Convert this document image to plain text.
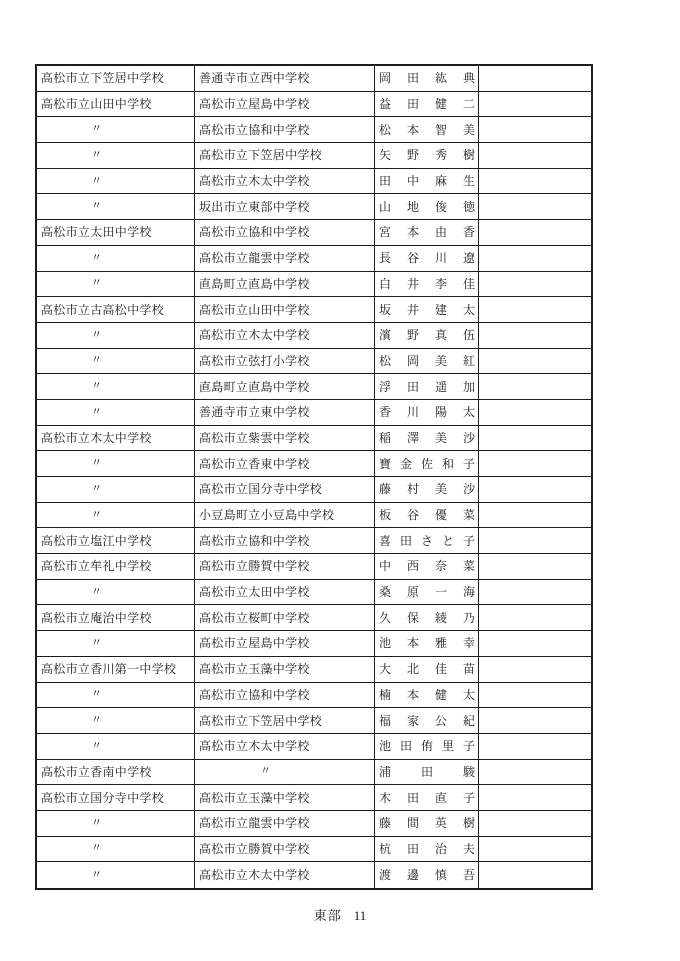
高松市立下笠居中学校	善通寺市立西中学校	岡 田 紘 典
高松市立山田中学校	高松市立屋島中学校	益 田 健 二
〃	高松市立協和中学校	松 本 智 美
〃	高松市立下笠居中学校	矢 野 秀 樹
〃	高松市立木太中学校	田 中 麻 生
〃	坂出市立東部中学校	山 地 俊 徳
高松市立太田中学校	高松市立協和中学校	宮 本 由 香
〃	高松市立龍雲中学校	長 谷 川 遼
〃	直島町立直島中学校	白 井 李 佳
高松市立古高松中学校	高松市立山田中学校	坂 井 建 太
〃	高松市立木太中学校	濱 野 真 伍
〃	高松市立弦打小学校	松 岡 美 紅
〃	直島町立直島中学校	浮 田 遥 加
〃	善通寺市立東中学校	香 川 陽 太
高松市立木太中学校	高松市立紫雲中学校	稲 澤 美 沙
〃	高松市立香東中学校	寶 金 佐 和 子
〃	高松市立国分寺中学校	藤 村 美 沙
〃	小豆島町立小豆島中学校	板 谷 優 菜
高松市立塩江中学校	高松市立協和中学校	喜 田 さ と 子
高松市立牟礼中学校	高松市立勝賀中学校	中 西 奈 菜
〃	高松市立太田中学校	桑 原 一 海
高松市立庵治中学校	高松市立桜町中学校	久 保 綾 乃
〃	高松市立屋島中学校	池 本 雅 幸
高松市立香川第一中学校	高松市立玉藻中学校	大 北 佳 苗
〃	高松市立協和中学校	楠 本 健 太
〃	高松市立下笠居中学校	福 家 公 紀
〃	高松市立木太中学校	池 田 侑 里 子
高松市立香南中学校	〃	浦 田 駿
高松市立国分寺中学校	高松市立玉藻中学校	木 田 直 子
〃	高松市立龍雲中学校	藤 間 英 樹
〃	高松市立勝賀中学校	杭 田 治 夫
〃	高松市立木太中学校	渡 邊 慎 吾
東部 11
